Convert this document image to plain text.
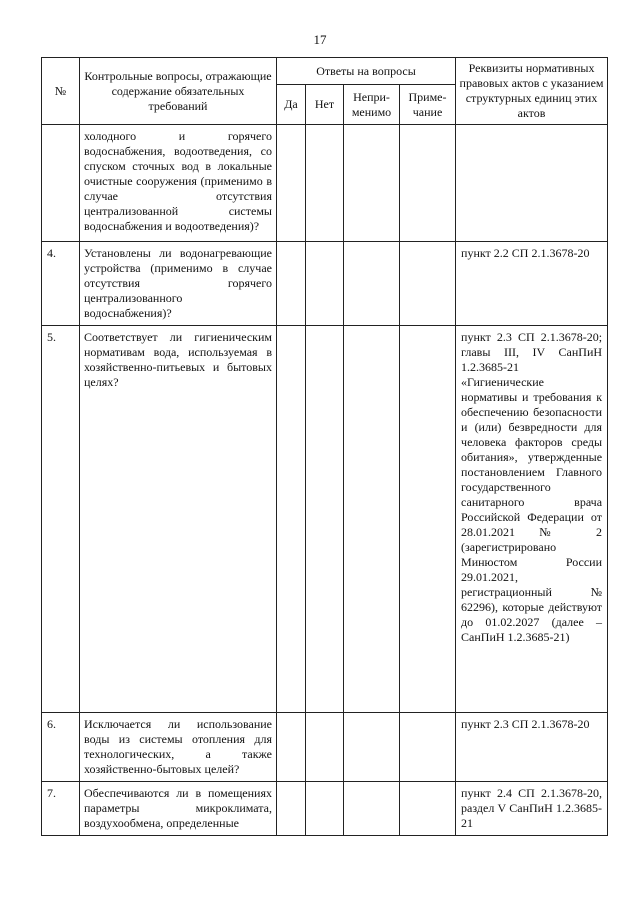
17
№	Контрольные вопросы, отражающие содержание обязательных требований	Ответы на вопросы				Реквизиты нормативных правовых актов с указанием структурных единиц этих актов
		Да	Нет	Непри-менимо	Приме-чание	
	холодного и горячего водоснабжения, водоотведения, со спуском сточных вод в локальные очистные сооружения (применимо в случае отсутствия централизованной системы водоснабжения и водоотведения)?					
4.	Установлены ли водонагревающие устройства (применимо в случае отсутствия горячего централизованного водоснабжения)?					пункт 2.2 СП 2.1.3678-20
5.	Соответствует ли гигиеническим нормативам вода, используемая в хозяйственно-питьевых и бытовых целях?					пункт 2.3 СП 2.1.3678-20; главы III, IV СанПиН 1.2.3685-21 «Гигиенические нормативы и требования к обеспечению безопасности и (или) безвредности для человека факторов среды обитания», утвержденные постановлением Главного государственного санитарного врача Российской Федерации от 28.01.2021 № 2 (зарегистрировано Минюстом России 29.01.2021, регистрационный № 62296), которые действуют до 01.02.2027 (далее – СанПиН 1.2.3685-21)
6.	Исключается ли использование воды из системы отопления для технологических, а также хозяйственно-бытовых целей?					пункт 2.3 СП 2.1.3678-20
7.	Обеспечиваются ли в помещениях параметры микроклимата, воздухообмена, определенные					пункт 2.4 СП 2.1.3678-20, раздел V СанПиН 1.2.3685-21
